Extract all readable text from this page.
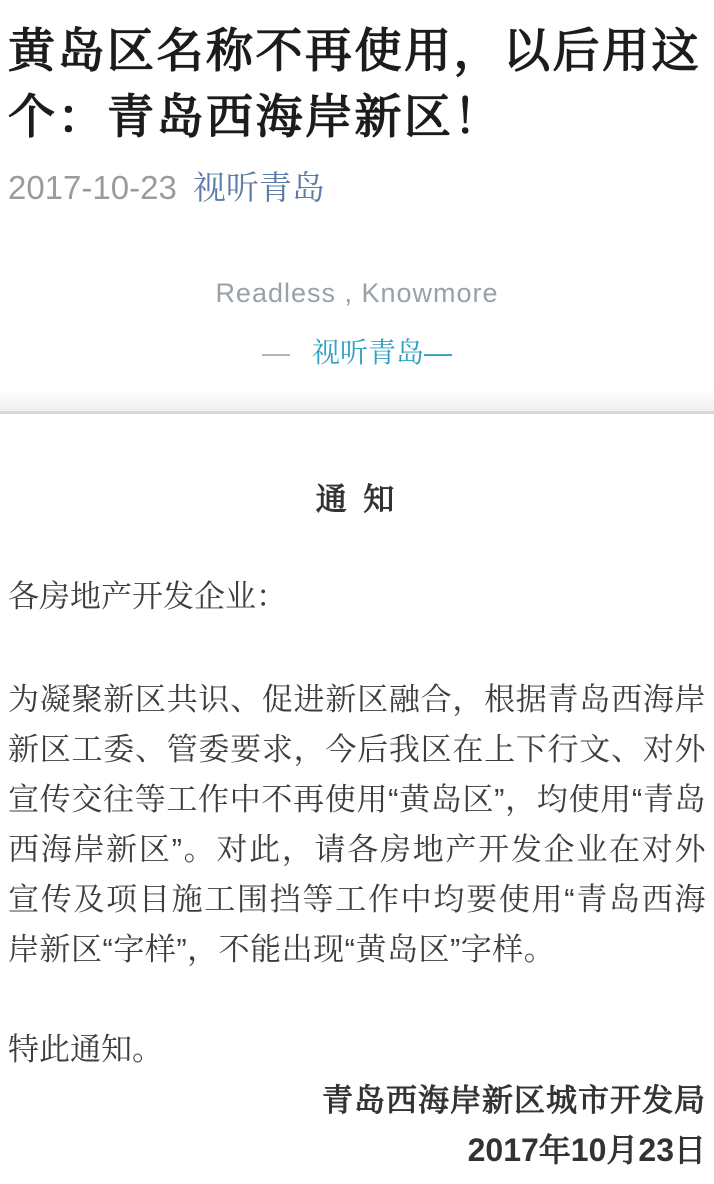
黄岛区名称不再使用，以后用这个：青岛西海岸新区！
2017-10-23 视听青岛
Readless , Knowmore
— 视听青岛—
通 知

各房地产开发企业：

为凝聚新区共识、促进新区融合，根据青岛西海岸新区工委、管委要求，今后我区在上下行文、对外宣传交往等工作中不再使用“黄岛区”，均使用“青岛西海岸新区”。对此，请各房地产开发企业在对外宣传及项目施工围挡等工作中均要使用“青岛西海岸新区“字样”，不能出现“黄岛区”字样。

特此通知。

青岛西海岸新区城市开发局

2017年10月23日
